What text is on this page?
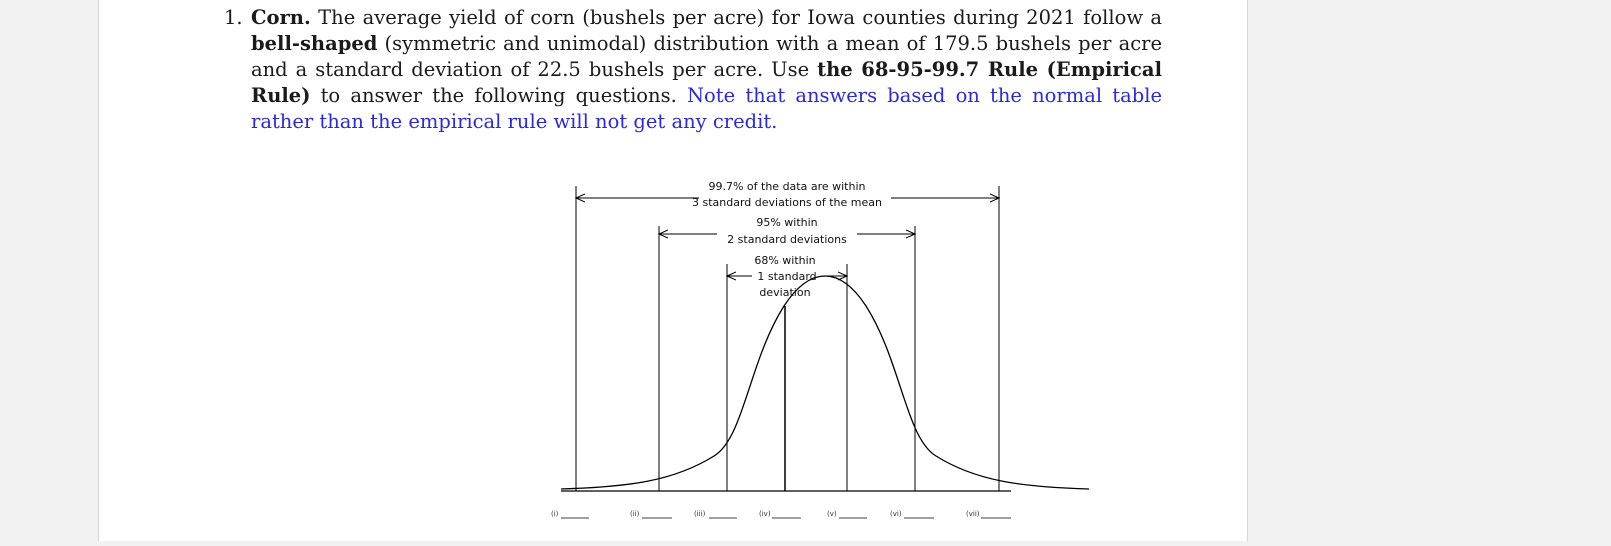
1. Corn. The average yield of corn (bushels per acre) for Iowa counties during 2021 follow a bell-shaped (symmetric and unimodal) distribution with a mean of 179.5 bushels per acre and a standard deviation of 22.5 bushels per acre. Use the 68-95-99.7 Rule (Empirical Rule) to answer the following questions. Note that answers based on the normal table rather than the empirical rule will not get any credit.
99.7% of the data are within
3 standard deviations of the mean
95% within
2 standard deviations
68% within
1 standard
deviation
(i)	(ii)	(iii)	(iv)	(v)	(vi)	(vii)
